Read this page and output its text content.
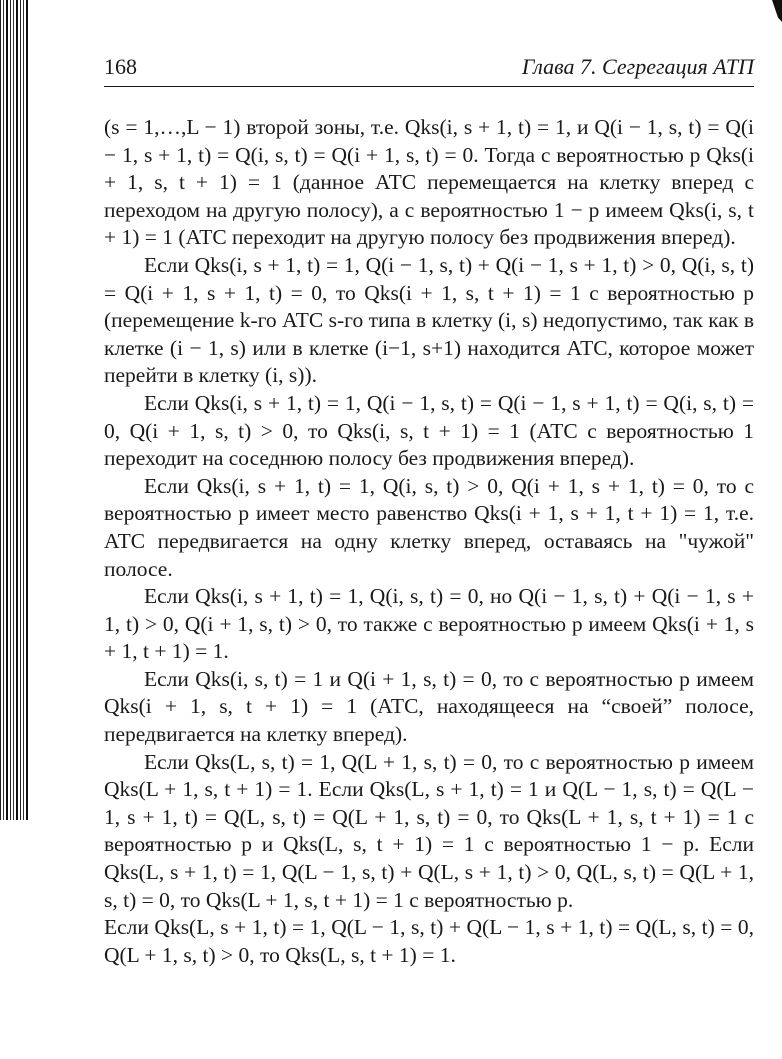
168	Глава 7. Сегрегация АТП

(s = 1,…,L − 1) второй зоны, т.е. Qks(i, s + 1, t) = 1, и Q(i − 1, s, t) = Q(i − 1, s + 1, t) = Q(i, s, t) = Q(i + 1, s, t) = 0. Тогда с вероятностью p Qks(i + 1, s, t + 1) = 1 (данное АТС перемещается на клетку вперед с переходом на другую полосу), а с вероятностью 1 − p имеем Qks(i, s, t + 1) = 1 (АТС переходит на другую полосу без продвижения вперед).

Если Qks(i, s + 1, t) = 1, Q(i − 1, s, t) + Q(i − 1, s + 1, t) > 0, Q(i, s, t) = Q(i + 1, s + 1, t) = 0, то Qks(i + 1, s, t + 1) = 1 с вероятностью p (перемещение k-го АТС s-го типа в клетку (i, s) недопустимо, так как в клетке (i − 1, s) или в клетке (i−1, s+1) находится АТС, которое может перейти в клетку (i, s)).

Если Qks(i, s + 1, t) = 1, Q(i − 1, s, t) = Q(i − 1, s + 1, t) = Q(i, s, t) = 0, Q(i + 1, s, t) > 0, то Qks(i, s, t + 1) = 1 (АТС с вероятностью 1 переходит на соседнюю полосу без продвижения вперед).

Если Qks(i, s + 1, t) = 1, Q(i, s, t) > 0, Q(i + 1, s + 1, t) = 0, то с вероятностью p имеет место равенство Qks(i + 1, s + 1, t + 1) = 1, т.е. АТС передвигается на одну клетку вперед, оставаясь на "чужой" полосе.

Если Qks(i, s + 1, t) = 1, Q(i, s, t) = 0, но Q(i − 1, s, t) + Q(i − 1, s + 1, t) > 0, Q(i + 1, s, t) > 0, то также с вероятностью p имеем Qks(i + 1, s + 1, t + 1) = 1.

Если Qks(i, s, t) = 1 и Q(i + 1, s, t) = 0, то с вероятностью p имеем Qks(i + 1, s, t + 1) = 1 (АТС, находящееся на “своей” полосе, передвигается на клетку вперед).

Если Qks(L, s, t) = 1, Q(L + 1, s, t) = 0, то с вероятностью p имеем Qks(L + 1, s, t + 1) = 1. Если Qks(L, s + 1, t) = 1 и Q(L − 1, s, t) = Q(L − 1, s + 1, t) = Q(L, s, t) = Q(L + 1, s, t) = 0, то Qks(L + 1, s, t + 1) = 1 с вероятностью p и Qks(L, s, t + 1) = 1 с вероятностью 1 − p. Если Qks(L, s + 1, t) = 1, Q(L − 1, s, t) + Q(L, s + 1, t) > 0, Q(L, s, t) = Q(L + 1, s, t) = 0, то Qks(L + 1, s, t + 1) = 1 с вероятностью p.

Если Qks(L, s + 1, t) = 1, Q(L − 1, s, t) + Q(L − 1, s + 1, t) = Q(L, s, t) = 0, Q(L + 1, s, t) > 0, то Qks(L, s, t + 1) = 1.
